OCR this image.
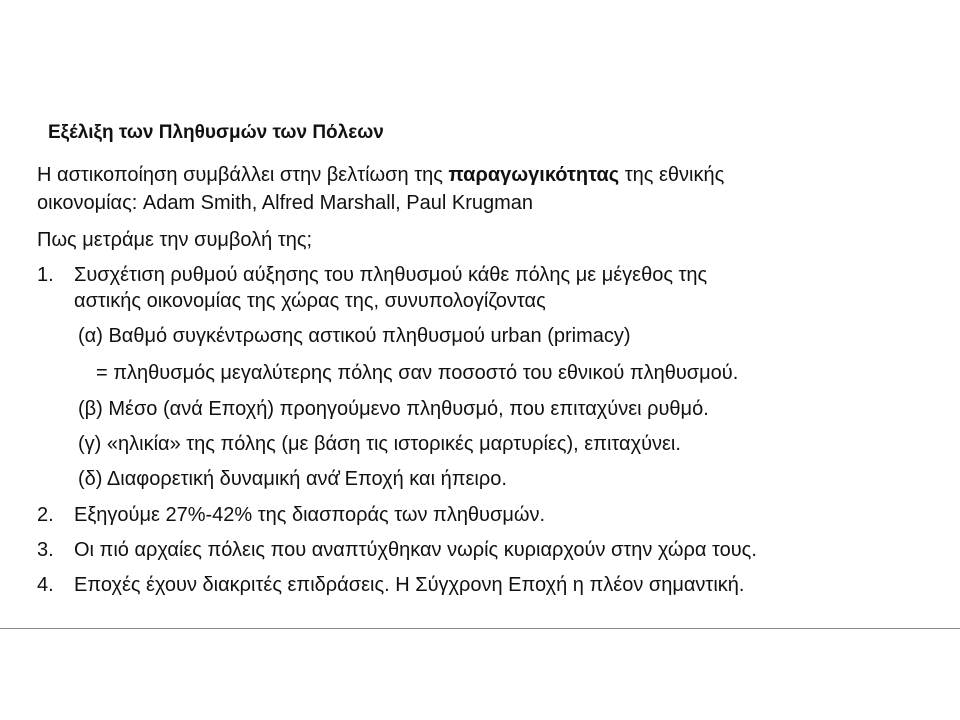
Εξέλιξη των Πληθυσμών των Πόλεων
Η αστικοποίηση συμβάλλει στην βελτίωση της παραγωγικότητας της εθνικής
οικονομίας: Adam Smith, Alfred Marshall, Paul Krugman
Πως μετράμε την συμβολή της;
1. Συσχέτιση ρυθμού αύξησης του πληθυσμού κάθε πόλης με μέγεθος της
αστικής οικονομίας της χώρας της, συνυπολογίζοντας
(α) Βαθμό συγκέντρωσης αστικού πληθυσμού urban (primacy)
= πληθυσμός μεγαλύτερης πόλης σαν ποσοστό του εθνικού πληθυσμού.
(β) Μέσο (ανά Εποχή) προηγούμενο πληθυσμό, που επιταχύνει ρυθμό.
(γ) «ηλικία» της πόλης (με βάση τις ιστορικές μαρτυρίες), επιταχύνει.
(δ) Διαφορετική δυναμική ανά̓ Εποχή και ήπειρο.
2. Εξηγούμε 27%-42% της διασποράς των πληθυσμών.
3. Οι πιό αρχαίες πόλεις που αναπτύχθηκαν νωρίς κυριαρχούν στην χώρα τους.
4. Εποχές έχουν διακριτές επιδράσεις. Η Σύγχρονη Εποχή η πλέον σημαντική.
